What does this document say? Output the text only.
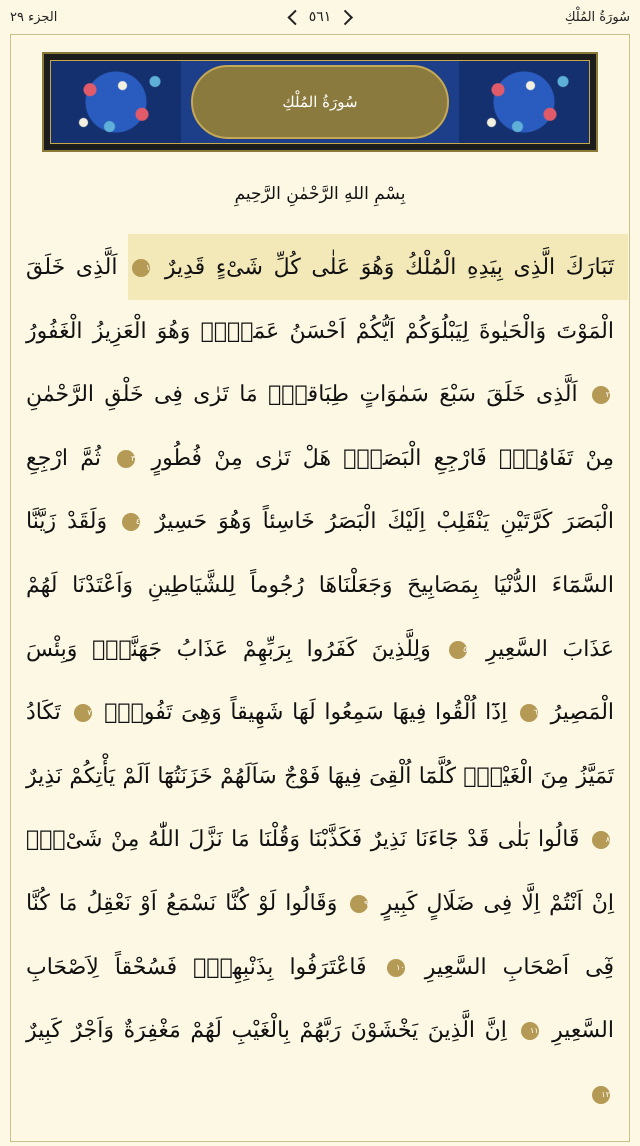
الجزء ٢٩	٥٦١	سُورَةُ المُلْكِ
سُورَةُ المُلْكِ
بِسْمِ اللهِ الرَّحْمٰنِ الرَّحِيمِ
تَبَارَكَ الَّذِى بِيَدِهِ الْمُلْكُ وَهُوَ عَلٰى كُلِّ شَىْءٍ قَدِيرٌ ١ اَلَّذِى خَلَقَ الْمَوْتَ وَالْحَيٰوةَ لِيَبْلُوَكُمْ اَيُّكُمْ اَحْسَنُ عَمَلاًۜ وَهُوَ الْعَزِيزُ الْغَفُورُ ٢ اَلَّذِى خَلَقَ سَبْعَ سَمٰوَاتٍ طِبَاقاًۜ مَا تَرٰى فِى خَلْقِ الرَّحْمٰنِ مِنْ تَفَاوُتٍۜ فَارْجِعِ الْبَصَرَۙ هَلْ تَرٰى مِنْ فُطُورٍ ٣ ثُمَّ ارْجِعِ الْبَصَرَ كَرَّتَيْنِ يَنْقَلِبْ اِلَيْكَ الْبَصَرُ خَاسِئاً وَهُوَ حَسِيرٌ ٤ وَلَقَدْ زَيَّنَّا السَّمَٓاءَ الدُّنْيَا بِمَصَابِيحَ وَجَعَلْنَاهَا رُجُوماً لِلشَّيَاطِينِ وَاَعْتَدْنَا لَهُمْ عَذَابَ السَّعِيرِ ٥ وَلِلَّذِينَ كَفَرُوا بِرَبِّهِمْ عَذَابُ جَهَنَّمَۜ وَبِئْسَ الْمَصِيرُ ٦ اِذَٓا اُلْقُوا فِيهَا سَمِعُوا لَهَا شَهِيقاً وَهِىَ تَفُورُۙ ٧ تَكَادُ تَمَيَّزُ مِنَ الْغَيْظِۜ كُلَّمَٓا اُلْقِىَ فِيهَا فَوْجٌ سَاَلَهُمْ خَزَنَتُهَٓا اَلَمْ يَأْتِكُمْ نَذِيرٌ ٨ قَالُوا بَلٰى قَدْ جَٓاءَنَا نَذِيرٌ فَكَذَّبْنَا وَقُلْنَا مَا نَزَّلَ اللّٰهُ مِنْ شَىْءٍۚ اِنْ اَنْتُمْ اِلَّا فِى ضَلَالٍ كَبِيرٍ ٩ وَقَالُوا لَوْ كُنَّا نَسْمَعُ اَوْ نَعْقِلُ مَا كُنَّا فِٓى اَصْحَابِ السَّعِيرِ ١٠ فَاعْتَرَفُوا بِذَنْبِهِمْۚ فَسُحْقاً لِاَصْحَابِ السَّعِيرِ ١١ اِنَّ الَّذِينَ يَخْشَوْنَ رَبَّهُمْ بِالْغَيْبِ لَهُمْ مَغْفِرَةٌ وَاَجْرٌ كَبِيرٌ ١٢
